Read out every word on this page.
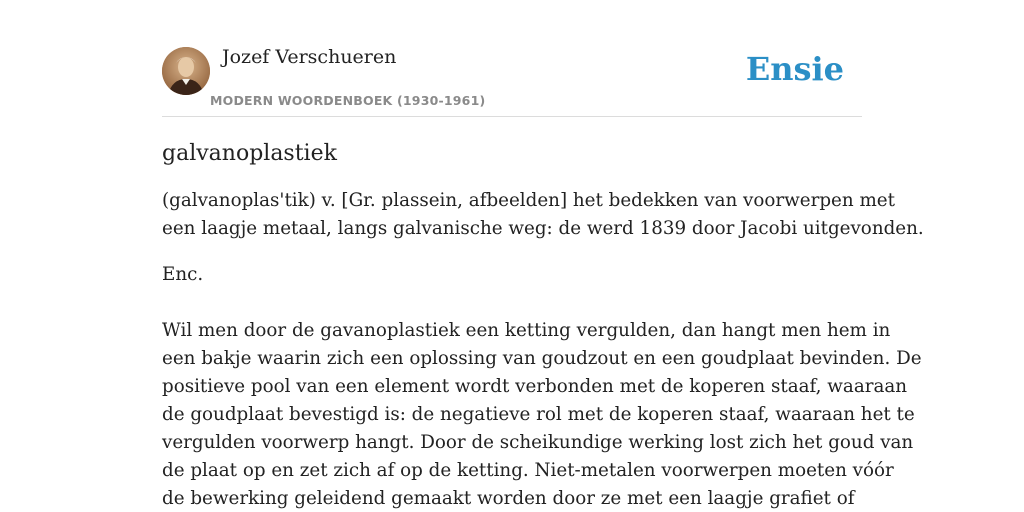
Jozef Verschueren
MODERN WOORDENBOEK (1930-1961)
Ensie
galvanoplastiek
(galvanoplas'tik) v. [Gr. plassein, afbeelden] het bedekken van voorwerpen met
een laagje metaal, langs galvanische weg: de werd 1839 door Jacobi uitgevonden.
Enc.
Wil men door de gavanoplastiek een ketting vergulden, dan hangt men hem in
een bakje waarin zich een oplossing van goudzout en een goudplaat bevinden. De
positieve pool van een element wordt verbonden met de koperen staaf, waaraan
de goudplaat bevestigd is: de negatieve rol met de koperen staaf, waaraan het te
vergulden voorwerp hangt. Door de scheikundige werking lost zich het goud van
de plaat op en zet zich af op de ketting. Niet-metalen voorwerpen moeten vóór
de bewerking geleidend gemaakt worden door ze met een laagje grafiet of
